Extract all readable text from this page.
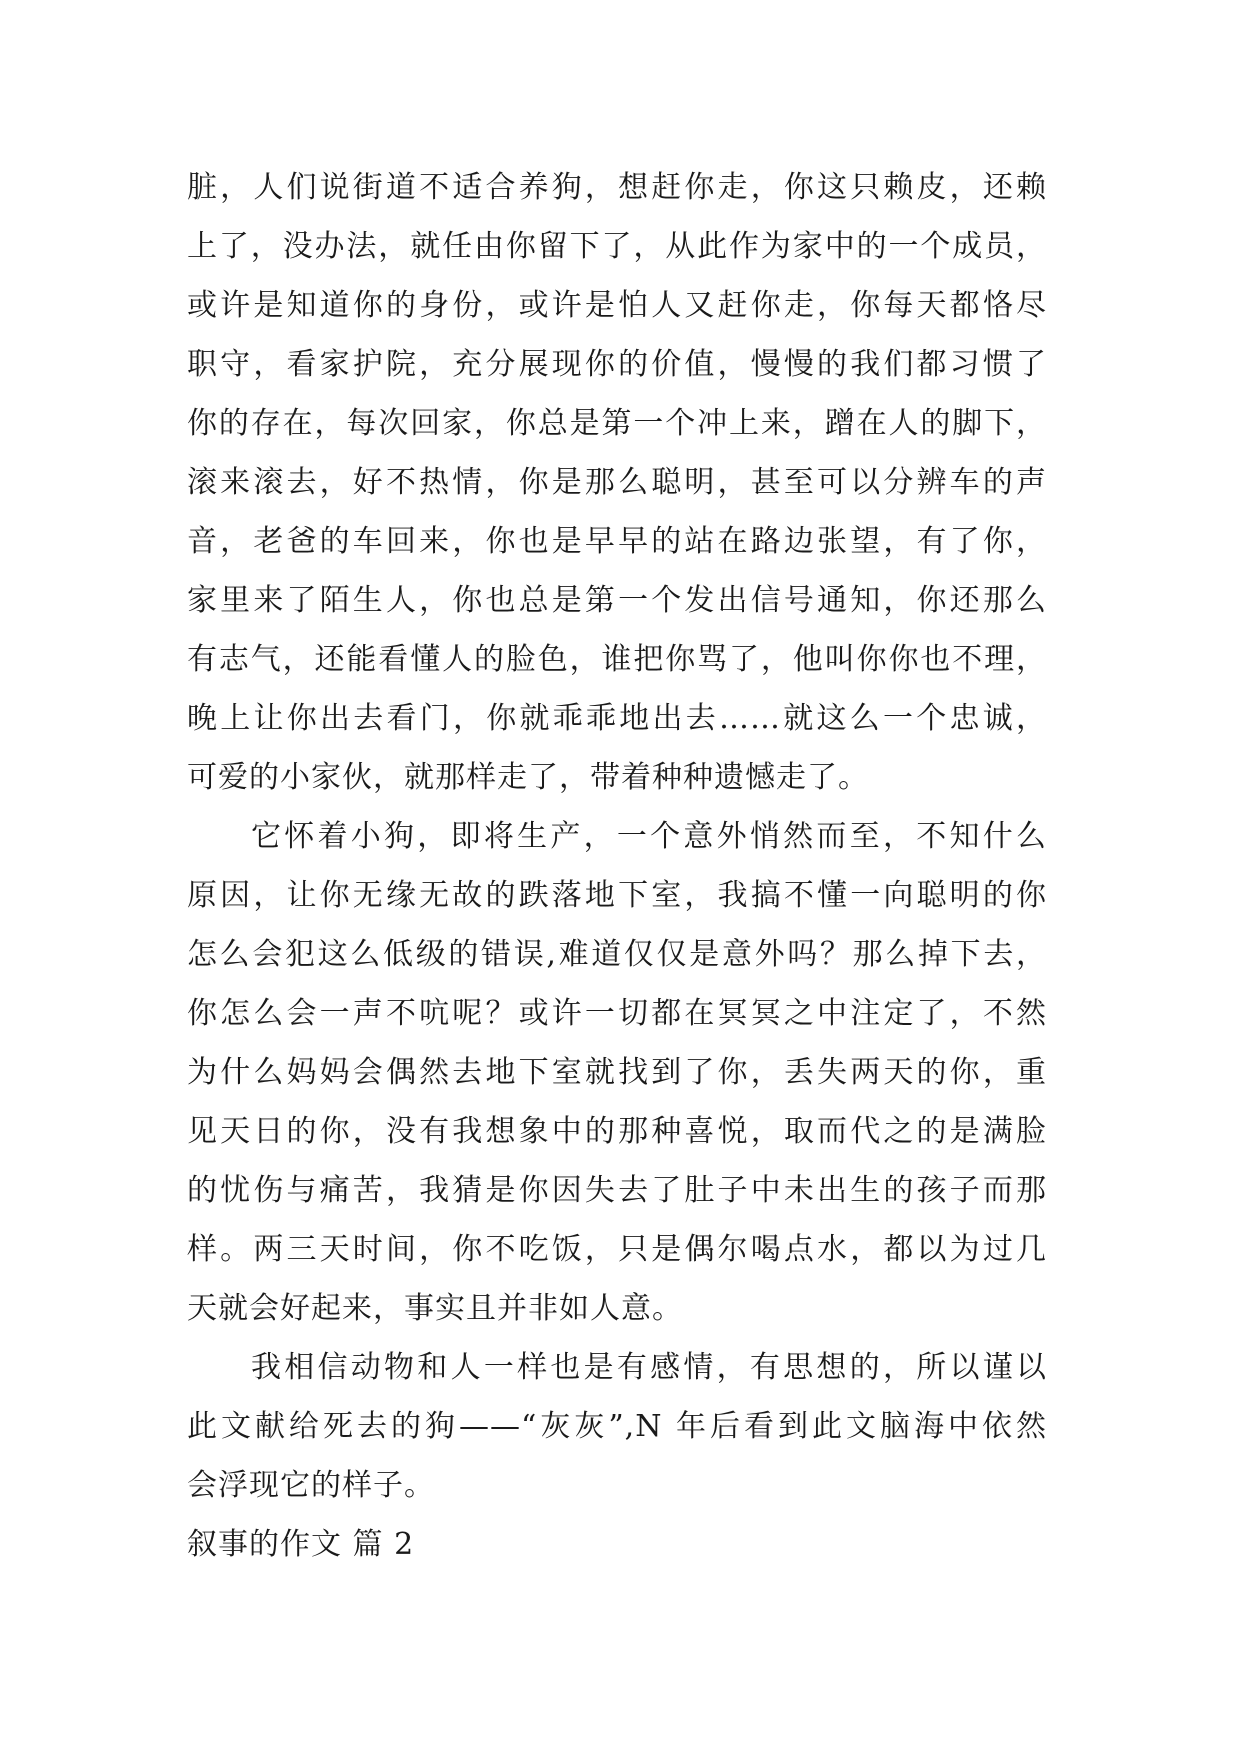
脏，人们说街道不适合养狗，想赶你走，你这只赖皮，还赖
上了，没办法，就任由你留下了，从此作为家中的一个成员，
或许是知道你的身份，或许是怕人又赶你走，你每天都恪尽
职守，看家护院，充分展现你的价值，慢慢的我们都习惯了
你的存在，每次回家，你总是第一个冲上来，蹭在人的脚下，
滚来滚去，好不热情，你是那么聪明，甚至可以分辨车的声
音，老爸的车回来，你也是早早的站在路边张望，有了你，
家里来了陌生人，你也总是第一个发出信号通知，你还那么
有志气，还能看懂人的脸色，谁把你骂了，他叫你你也不理，
晚上让你出去看门，你就乖乖地出去……就这么一个忠诚，
可爱的小家伙，就那样走了，带着种种遗憾走了。
它怀着小狗，即将生产，一个意外悄然而至，不知什么
原因，让你无缘无故的跌落地下室，我搞不懂一向聪明的你
怎么会犯这么低级的错误,难道仅仅是意外吗？那么掉下去，
你怎么会一声不吭呢？或许一切都在冥冥之中注定了，不然
为什么妈妈会偶然去地下室就找到了你，丢失两天的你，重
见天日的你，没有我想象中的那种喜悦，取而代之的是满脸
的忧伤与痛苦，我猜是你因失去了肚子中未出生的孩子而那
样。两三天时间，你不吃饭，只是偶尔喝点水，都以为过几
天就会好起来，事实且并非如人意。
我相信动物和人一样也是有感情，有思想的，所以谨以
此文献给死去的狗——“灰灰”,N 年后看到此文脑海中依然
会浮现它的样子。
叙事的作文 篇 2
